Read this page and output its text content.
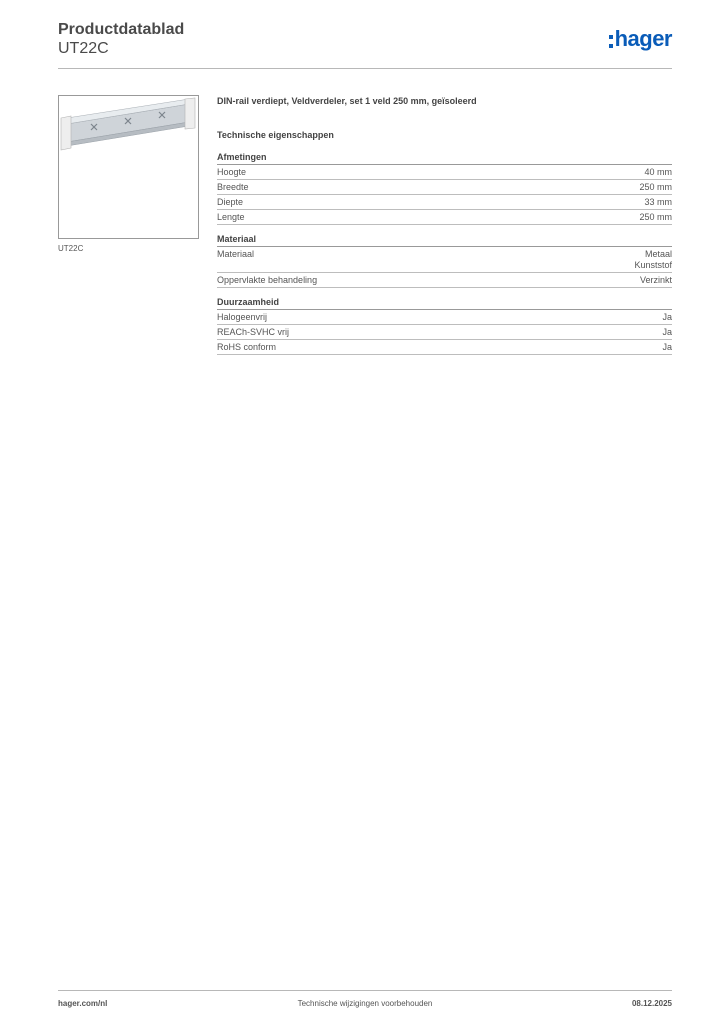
Productdatablad
UT22C	hager
UT22C
DIN-rail verdiept, Veldverdeler, set 1 veld 250 mm, geïsoleerd
Technische eigenschappen
Afmetingen
Hoogte	40 mm
Breedte	250 mm
Diepte	33 mm
Lengte	250 mm
Materiaal
Materiaal	Metaal
Kunststof
Oppervlakte behandeling	Verzinkt
Duurzaamheid
Halogeenvrij	Ja
REACh-SVHC vrij	Ja
RoHS conform	Ja
hager.com/nl	Technische wijzigingen voorbehouden	08.12.2025
